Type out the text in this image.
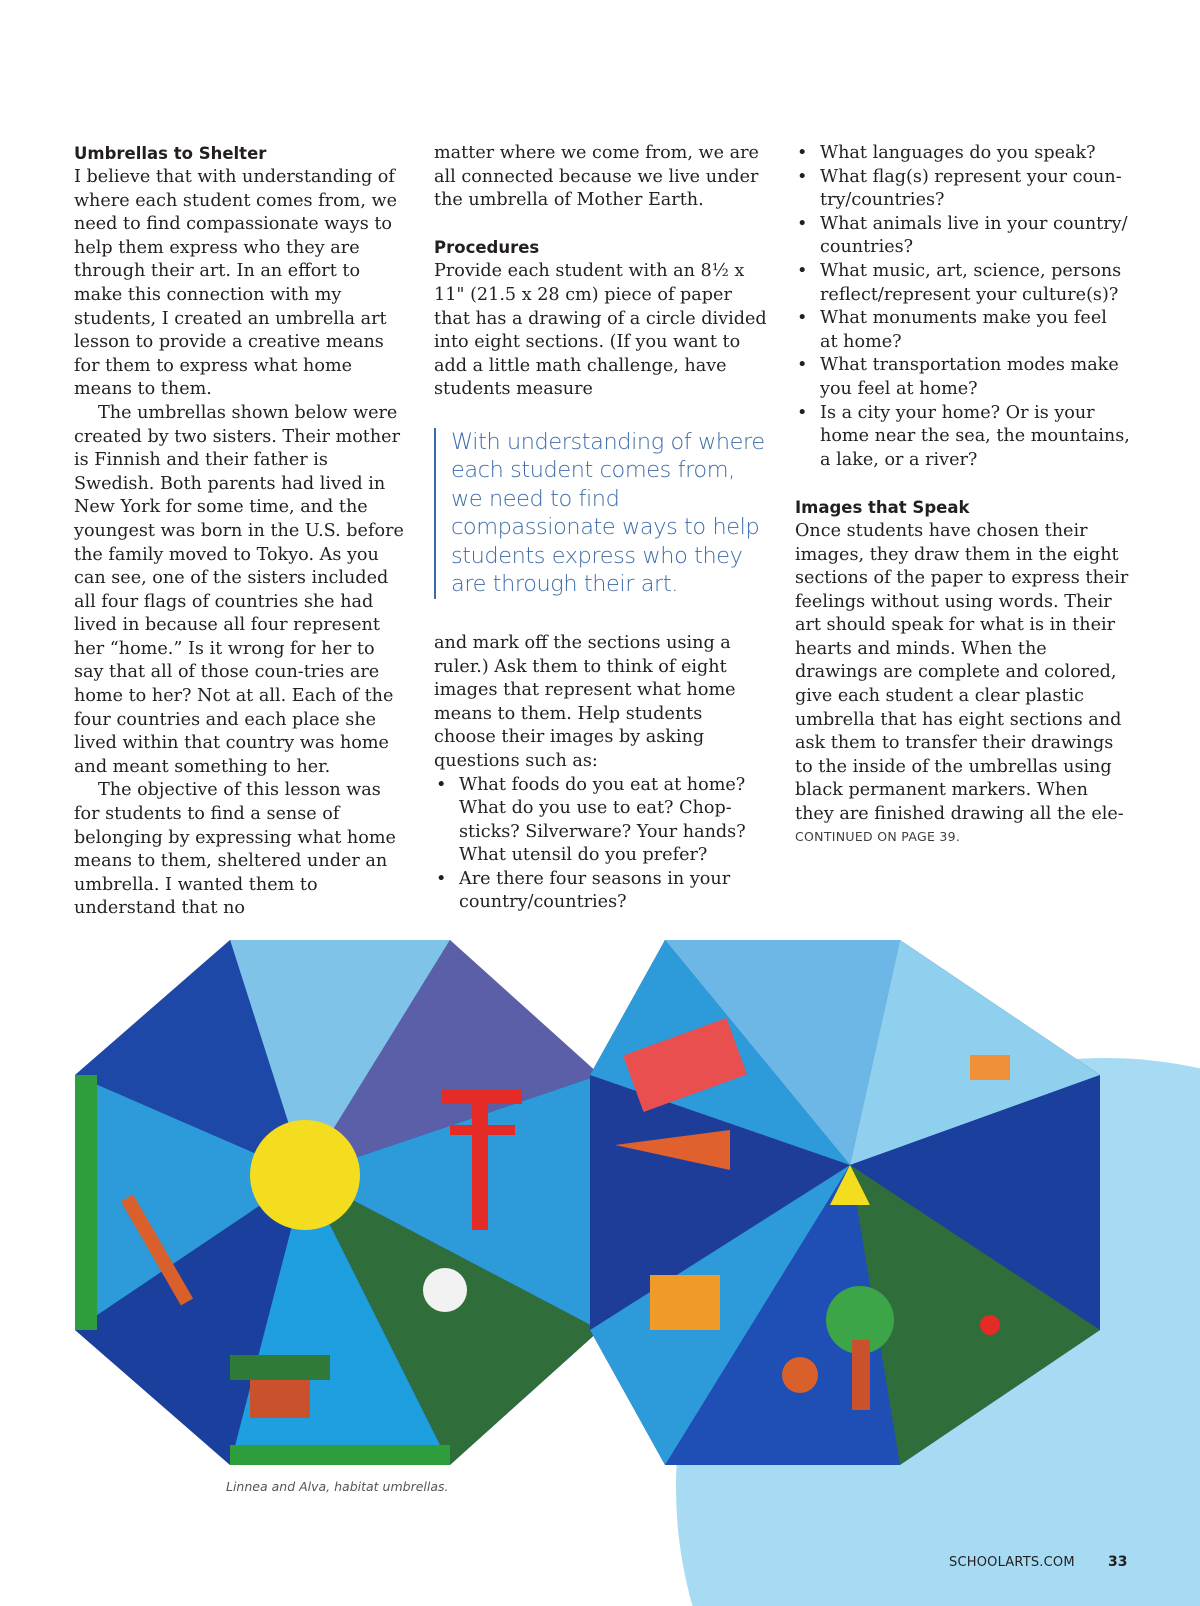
Umbrellas to Shelter

I believe that with understanding of where each student comes from, we need to find compassionate ways to help them express who they are through their art. In an effort to make this connection with my students, I created an umbrella art lesson to provide a creative means for them to express what home means to them.

The umbrellas shown below were created by two sisters. Their mother is Finnish and their father is Swedish. Both parents had lived in New York for some time, and the youngest was born in the U.S. before the family moved to Tokyo. As you can see, one of the sisters included all four flags of countries she had lived in because all four represent her “home.” Is it wrong for her to say that all of those coun-tries are home to her? Not at all. Each of the four countries and each place she lived within that country was home and meant something to her.

The objective of this lesson was for students to find a sense of belonging by expressing what home means to them, sheltered under an umbrella. I wanted them to understand that no

matter where we come from, we are all connected because we live under the umbrella of Mother Earth.

Procedures

Provide each student with an 8½ x 11" (21.5 x 28 cm) piece of paper that has a drawing of a circle divided into eight sections. (If you want to add a little math challenge, have students measure

With understanding of where each student comes from, we need to find compassionate ways to help students express who they are through their art.

and mark off the sections using a ruler.) Ask them to think of eight images that represent what home means to them. Help students choose their images by asking questions such as:

• What foods do you eat at home? What do you use to eat? Chop-sticks? Silverware? Your hands? What utensil do you prefer?
• Are there four seasons in your country/countries?
• What languages do you speak?
• What flag(s) represent your coun-try/countries?
• What animals live in your country/ countries?
• What music, art, science, persons reflect/represent your culture(s)?
• What monuments make you feel at home?
• What transportation modes make you feel at home?
• Is a city your home? Or is your home near the sea, the mountains, a lake, or a river?
Images that Speak

Once students have chosen their images, they draw them in the eight sections of the paper to express their feelings without using words. Their art should speak for what is in their hearts and minds. When the drawings are complete and colored, give each student a clear plastic umbrella that has eight sections and ask them to transfer their drawings to the inside of the umbrellas using black permanent markers. When they are finished drawing all the ele-

CONTINUED ON PAGE 39.
Linnea and Alva, habitat umbrellas.
SCHOOLARTS.COM 33
